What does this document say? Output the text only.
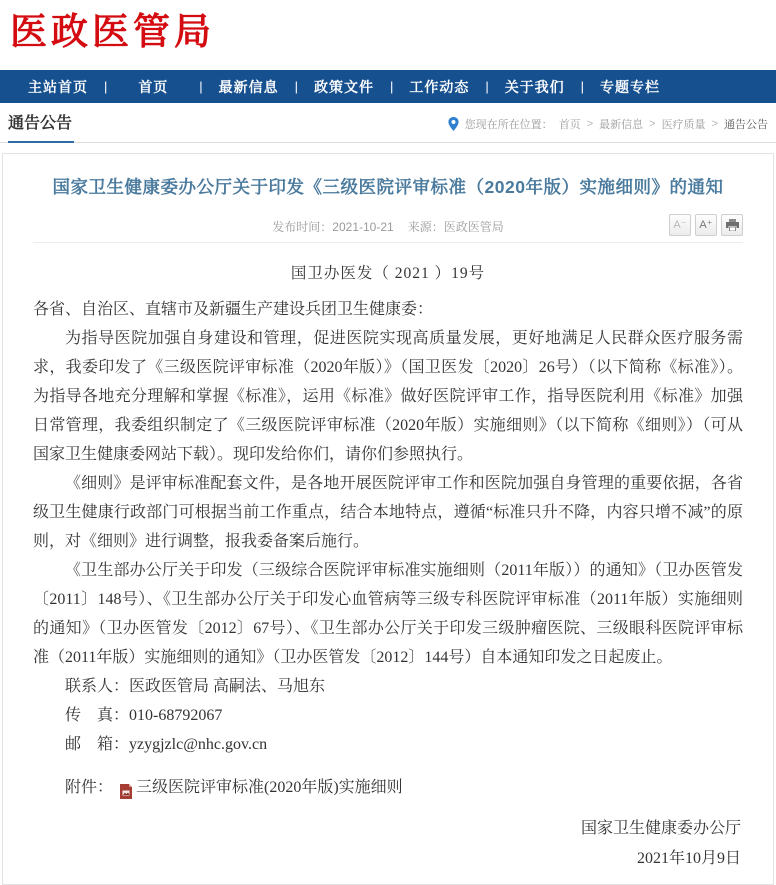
医政医管局
主站首页	|	首页	|	最新信息	|	政策文件	|	工作动态	|	关于我们	|	专题专栏
通告公告	您现在所在位置： 首页 > 最新信息 > 医疗质量 > 通告公告
国家卫生健康委办公厅关于印发《三级医院评审标准（2020年版）实施细则》的通知
发布时间：2021-10-21 来源：医政医管局	A⁻	A⁺
国卫办医发（ 2021 ）19号

各省、自治区、直辖市及新疆生产建设兵团卫生健康委：

为指导医院加强自身建设和管理，促进医院实现高质量发展，更好地满足人民群众医疗服务需求，我委印发了《三级医院评审标准（2020年版）》（国卫医发〔2020〕26号）（以下简称《标准》）。为指导各地充分理解和掌握《标准》，运用《标准》做好医院评审工作，指导医院利用《标准》加强日常管理，我委组织制定了《三级医院评审标准（2020年版）实施细则》（以下简称《细则》）（可从国家卫生健康委网站下载）。现印发给你们，请你们参照执行。

《细则》是评审标准配套文件，是各地开展医院评审工作和医院加强自身管理的重要依据，各省级卫生健康行政部门可根据当前工作重点，结合本地特点，遵循“标准只升不降，内容只增不减”的原则，对《细则》进行调整，报我委备案后施行。

《卫生部办公厅关于印发（三级综合医院评审标准实施细则（2011年版））的通知》（卫办医管发〔2011〕148号）、《卫生部办公厅关于印发心血管病等三级专科医院评审标准（2011年版）实施细则的通知》（卫办医管发〔2012〕67号）、《卫生部办公厅关于印发三级肿瘤医院、三级眼科医院评审标准（2011年版）实施细则的通知》（卫办医管发〔2012〕144号）自本通知印发之日起废止。

联系人：医政医管局 高嗣法、马旭东

传　真：010-68792067

邮　箱：yzygjzlc@nhc.gov.cn

附件： 三级医院评审标准(2020年版)实施细则
国家卫生健康委办公厅
2021年10月9日
